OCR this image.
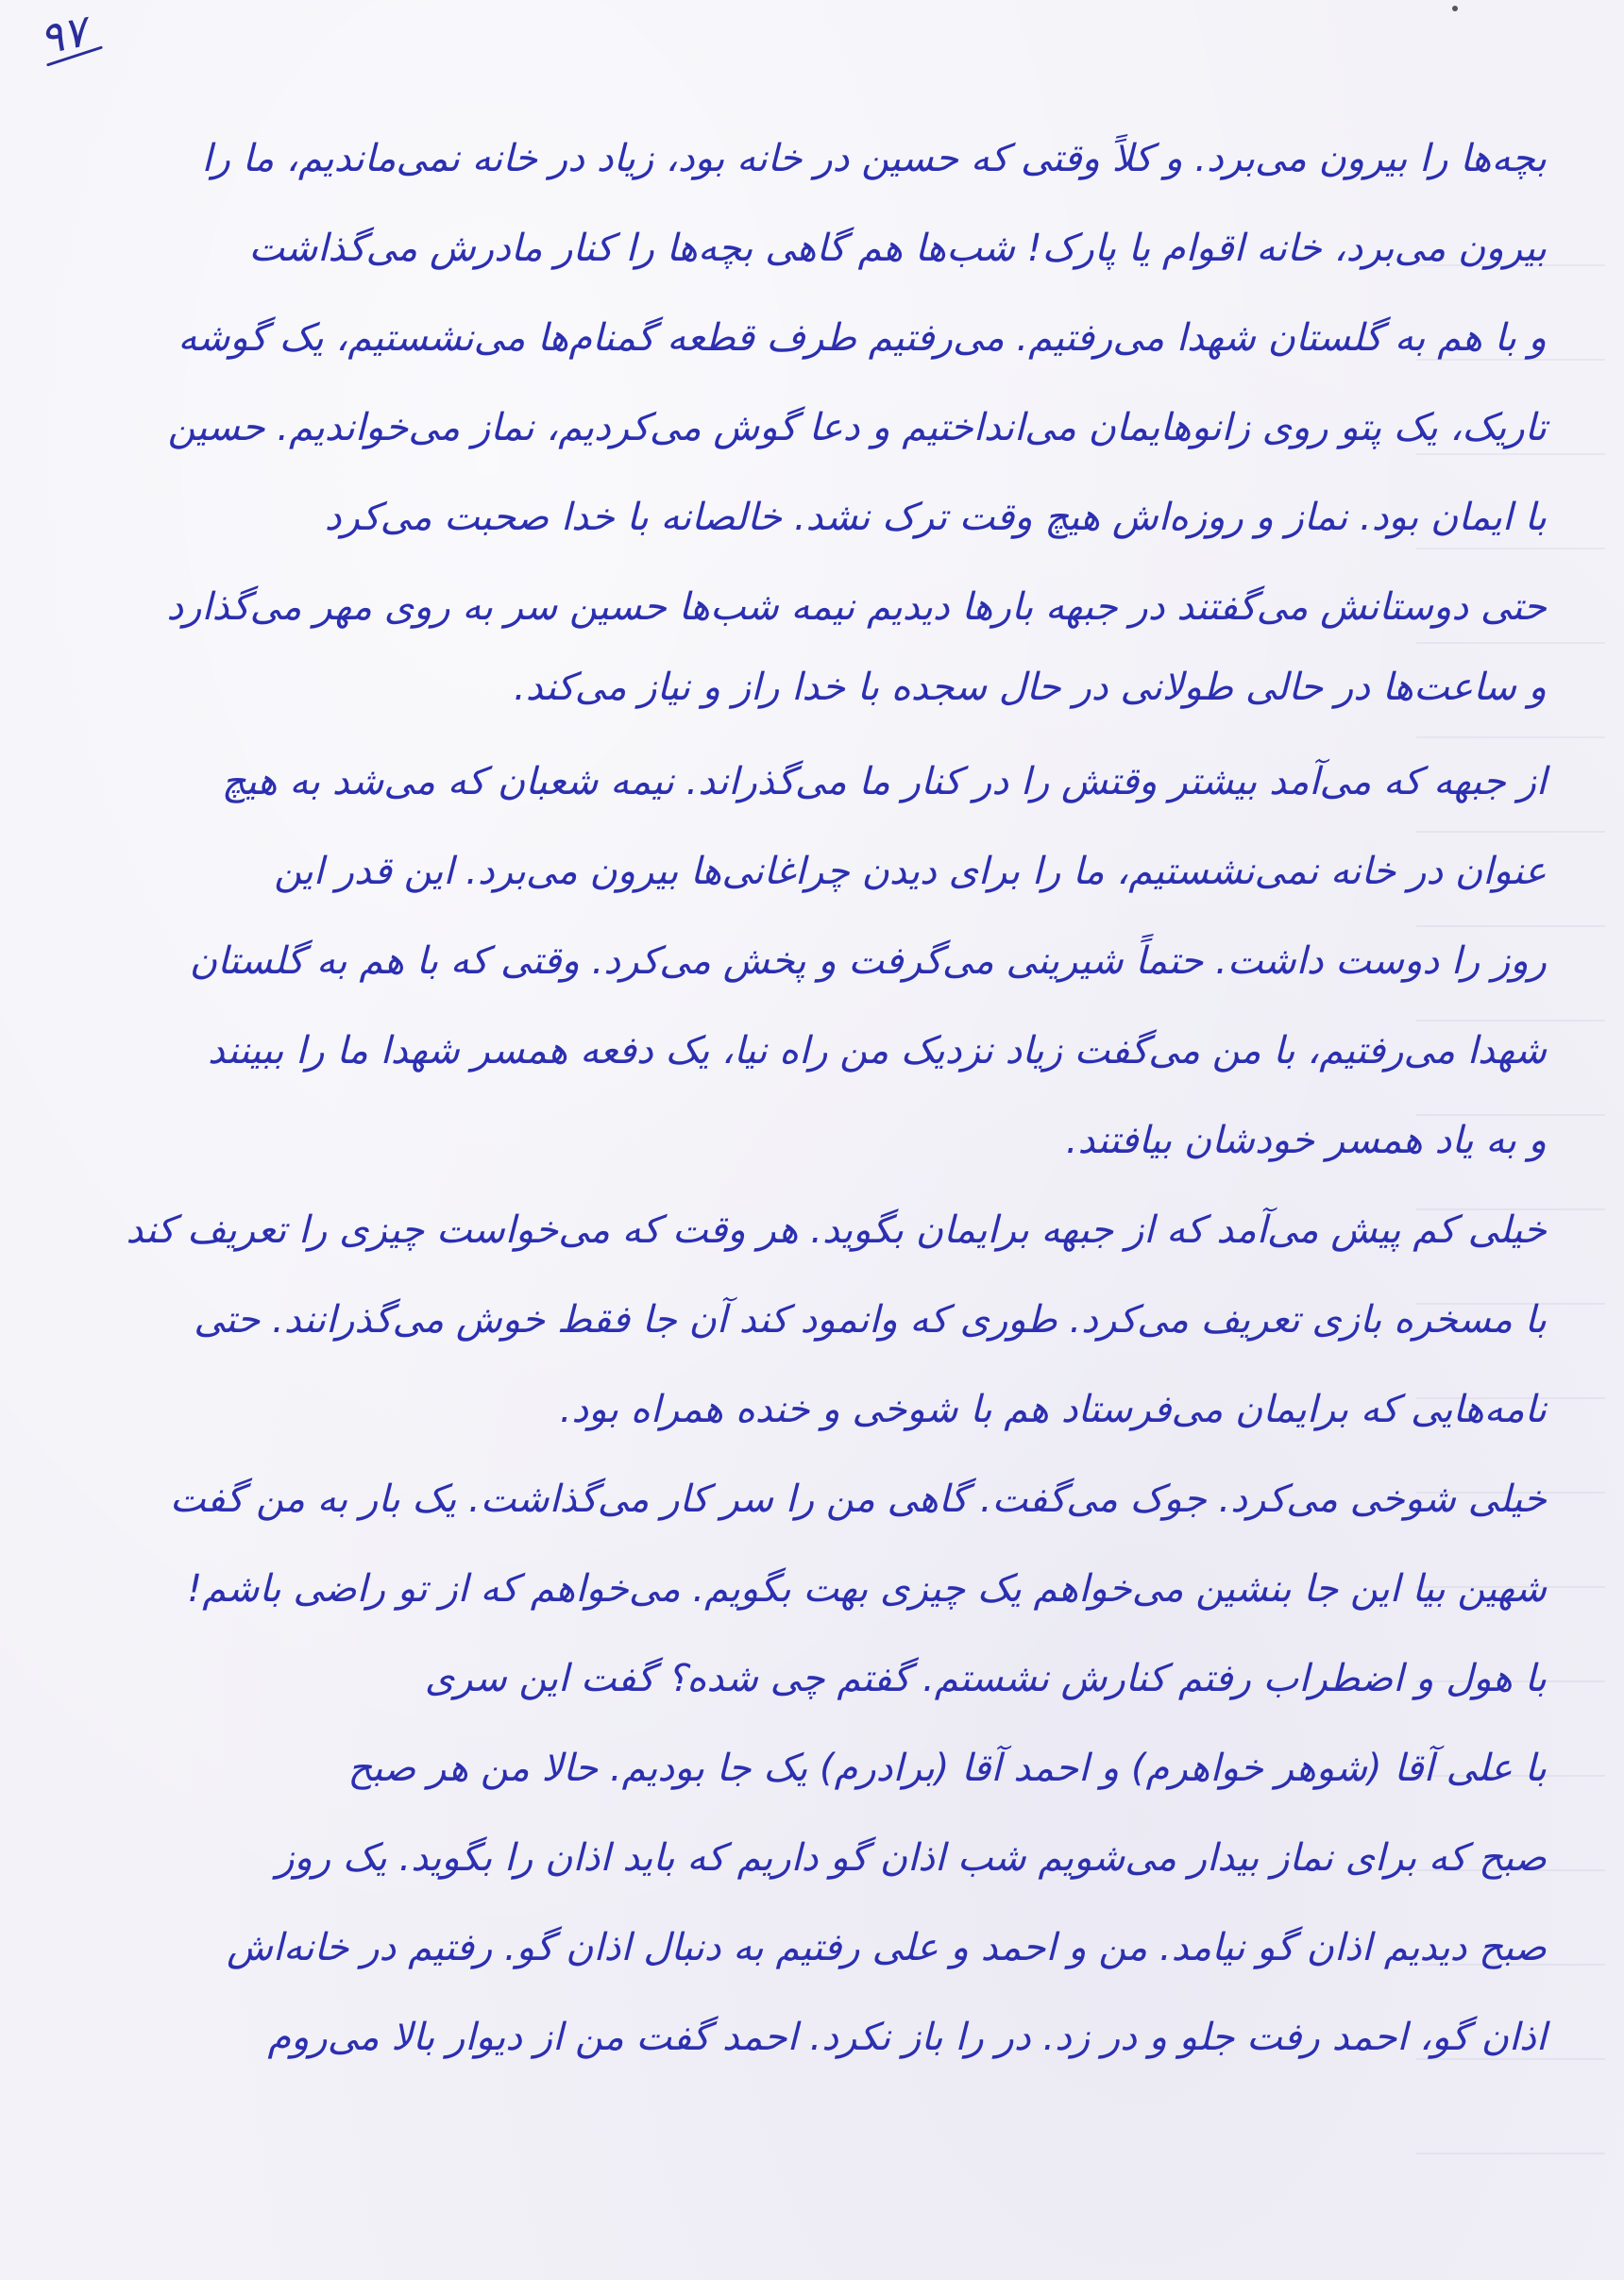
۹۷
بچه‌ها را بیرون می‌برد. و کلاً وقتی که حسین در خانه بود، زیاد در خانه نمی‌ماندیم، ما را
بیرون می‌برد، خانه اقوام یا پارک! شب‌ها هم گاهی بچه‌ها را کنار مادرش می‌گذاشت
و با هم به گلستان شهدا می‌رفتیم. می‌رفتیم طرف قطعه گمنام‌ها می‌نشستیم، یک گوشه
تاریک، یک پتو روی زانوهایمان می‌انداختیم و دعا گوش می‌کردیم، نماز می‌خواندیم. حسین
با ایمان بود. نماز و روزه‌اش هیچ وقت ترک نشد. خالصانه با خدا صحبت می‌کرد
حتی دوستانش می‌گفتند در جبهه بارها دیدیم نیمه شب‌ها حسین سر به روی مهر می‌گذارد
و ساعت‌ها در حالی طولانی در حال سجده با خدا راز و نیاز می‌کند.
از جبهه که می‌آمد بیشتر وقتش را در کنار ما می‌گذراند. نیمه شعبان که می‌شد به هیچ
عنوان در خانه نمی‌نشستیم، ما را برای دیدن چراغانی‌ها بیرون می‌برد. این قدر این
روز را دوست داشت. حتماً شیرینی می‌گرفت و پخش می‌کرد. وقتی که با هم به گلستان
شهدا می‌رفتیم، با من می‌گفت زیاد نزدیک من راه نیا، یک دفعه همسر شهدا ما را ببینند
و به یاد همسر خودشان بیافتند.
خیلی کم پیش می‌آمد که از جبهه برایمان بگوید. هر وقت که می‌خواست چیزی را تعریف کند
با مسخره بازی تعریف می‌کرد. طوری که وانمود کند آن جا فقط خوش می‌گذرانند. حتی
نامه‌هایی که برایمان می‌فرستاد هم با شوخی و خنده همراه بود.
خیلی شوخی می‌کرد. جوک می‌گفت. گاهی من را سر کار می‌گذاشت. یک بار به من گفت
شهین بیا این جا بنشین می‌خواهم یک چیزی بهت بگویم. می‌خواهم که از تو راضی باشم!
با هول و اضطراب رفتم کنارش نشستم. گفتم چی شده؟ گفت این سری
با علی آقا (شوهر خواهرم) و احمد آقا (برادرم) یک جا بودیم. حالا من هر صبح
صبح که برای نماز بیدار می‌شویم شب اذان گو داریم که باید اذان را بگوید. یک روز
صبح دیدیم اذان گو نیامد. من و احمد و علی رفتیم به دنبال اذان گو. رفتیم در خانه‌اش
اذان گو، احمد رفت جلو و در زد. در را باز نکرد. احمد گفت من از دیوار بالا می‌روم
